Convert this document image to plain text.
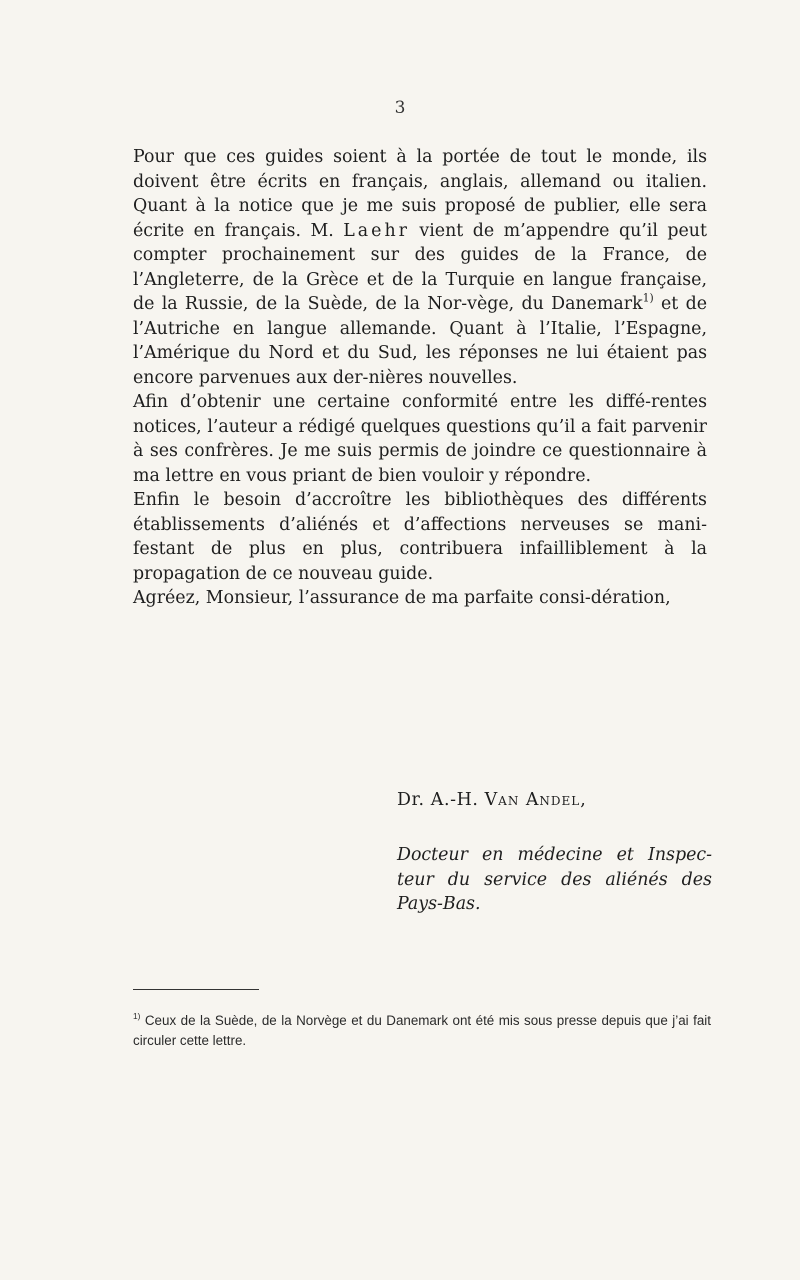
3

Pour que ces guides soient à la portée de tout le monde, ils doivent être écrits en français, anglais, allemand ou italien. Quant à la notice que je me suis proposé de publier, elle sera écrite en français. M. Laehr vient de m’appendre qu’il peut compter prochainement sur des guides de la France, de l’Angleterre, de la Grèce et de la Turquie en langue française, de la Russie, de la Suède, de la Nor-vège, du Danemark$^{1)}$ et de l’Autriche en langue allemande. Quant à l’Italie, l’Espagne, l’Amérique du Nord et du Sud, les réponses ne lui étaient pas encore parvenues aux der-nières nouvelles.

Afin d’obtenir une certaine conformité entre les diffé-rentes notices, l’auteur a rédigé quelques questions qu’il a fait parvenir à ses confrères. Je me suis permis de joindre ce questionnaire à ma lettre en vous priant de bien vouloir y répondre.

Enfin le besoin d’accroître les bibliothèques des différents établissements d’aliénés et d’affections nerveuses se mani-festant de plus en plus, contribuera infailliblement à la propagation de ce nouveau guide.

Agréez, Monsieur, l’assurance de ma parfaite consi-dération,

Dr. A.-H. Van Andel,

Docteur en médecine et Inspec-teur du service des aliénés des Pays-Bas.

$^{1)}$ Ceux de la Suède, de la Norvège et du Danemark ont été mis sous presse depuis que j’ai fait circuler cette lettre.
